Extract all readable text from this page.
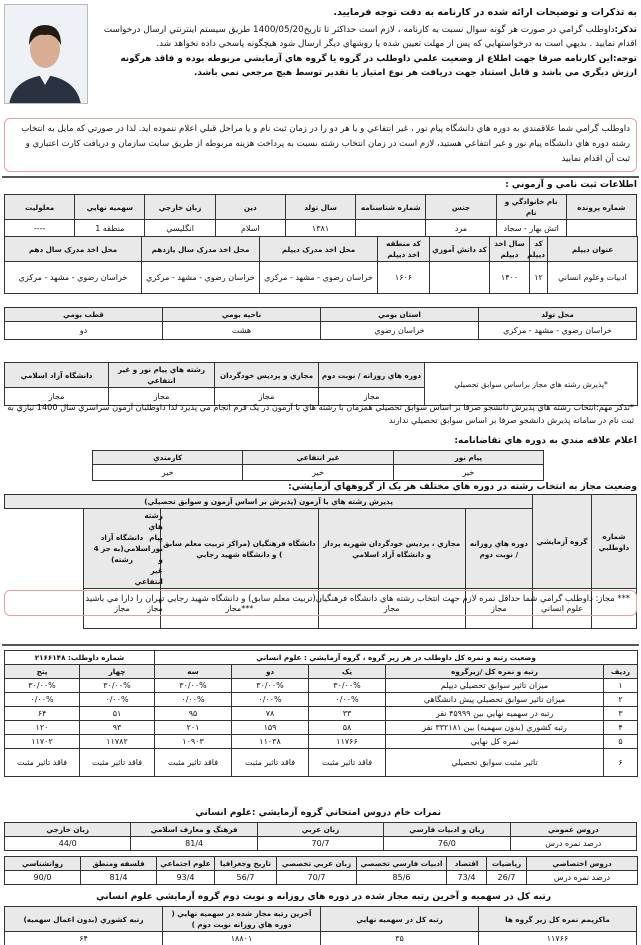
به تذکرات و توضيحات ارائه شده در کارنامه به دقت توجه فرماييد.
تذکر:داوطلب گرامي در صورت هر گونه سوال نسبت به کارنامه ، لازم است حداکثر تا تاريخ1400/05/20 طريق سيستم اينترنتي ارسال درخواست اقدام نماييد . بديهي است به درخواستهايي که پس از مهلت تعيين شده يا روشهاي ديگر ارسال شود هيچگونه پاسخي داده نخواهد شد.
توجه:اين کارنامه صرفا جهت اطلاع از وضعيت علمي داوطلب در گروه يا گروه هاي آزمايشي مربوطه بوده و فاقد هرگونه ارزش ديگري مي باشد و قابل استناد جهت دريافت هر نوع امتياز يا تقدير توسط هيچ مرجعي نمي باشد.
داوطلب گرامي شما علاقمندي به دوره هاي دانشگاه پيام نور ، غير انتفاعي و يا هر دو را در زمان ثبت نام و يا مراحل قبلي اعلام ننموده ايد. لذا در صورتي که مايل به انتخاب رشته دوره هاي دانشگاه پيام نور و غير انتفاعي هستيد، لازم است در زمان انتخاب رشته نسبت به پرداخت هزينه مربوطه از طريق سايت سازمان و دريافت کارت اعتباري و ثبت آن اقدام نماييد
اطلاعات ثبت نامي و آزموني :
شماره پرونده	نام خانوادگي و نام	جنس	شماره شناسنامه	سال تولد	دين	زبان خارجي	سهميه نهايي	معلوليت
	اتش بهار - سجاد	مرد		۱۳۸۱	اسلام	انگليسي	منطقه 1	----
عنوان ديپلم	کد ديپلم	سال اخذ ديپلم	کد دانش آموزي	کد منطقه اخذ ديپلم	محل اخذ مدرک ديپلم	محل اخذ مدرک سال يازدهم	محل اخذ مدرک سال دهم
ادبيات وعلوم انساني	۱۲	۱۴۰۰		۱۶۰۶	خراسان رضوي - مشهد - مرکزي	خراسان رضوي - مشهد - مرکزي	خراسان رضوي - مشهد - مرکزي
محل تولد	استان بومي	ناحيه بومي	قطب بومي
خراسان رضوي - مشهد - مرکزي	خراسان رضوي	هشت	دو
*پذيرش رشته هاي مجاز براساس سوابق تحصيلي	دوره هاي روزانه / نوبت دوم	مجازي و پرديس خودگردان	رشته هاي پيام نور و غير انتفاعي	دانشگاه آزاد اسلامي
	مجاز	مجاز	مجاز	مجاز
*تذکر مهم:انتخاب رشته هاي پذيرش دانشجو صرفا بر اساس سوابق تحصيلي همزمان با رشته هاي با آزمون در يک فرم انجام مي پذيرد لذا داوطلبان آزمون سراسري سال 1400 نيازي به ثبت نام در سامانه پذيرش دانشجو صرفا بر اساس سوابق تحصيلي ندارند
اعلام علاقه مندي به دوره هاي تقاضانامه:
پيام نور	غير انتفاعي	کارمندي
خير	خير	خير
وضعيت مجاز به انتخاب رشته در دوره هاي مختلف هر يک از گروههاي آزمايشي:
شماره داوطلبي	گروه آزمايشي	پذيرش رشته هاي با آزمون (پذيرش بر اساس آزمون و سوابق تحصيلي)			
		دوره هاي روزانه / نوبت دوم	مجازي ، پرديس خودگردان شهريه پرداز و دانشگاه آزاد اسلامي	دانشگاه فرهنگيان (مراکز تربيت معلم سابق ) و دانشگاه شهيد رجايي		دانشگاه آزاد اسلامي(به جز 4 رشته)
	علوم انساني	مجاز	مجاز	***مجاز	مجاز	مجاز
*** مجاز: داوطلب گرامي شما حداقل نمره لازم جهت انتخاب رشته هاي دانشگاه فرهنگيان(تربيت معلم سابق) و دانشگاه شهيد رجايي تهران را دارا مي باشيد
وضعيت رتبه و نمره کل داوطلب در هر زير گروه ، گروه آزمايشي : علوم انساني					شماره داوطلب: ۲۱۶۶۱۴۸	
رديف	رتبه و نمره کل /زيرگروه	يک	دو	سه	چهار	پنج
۱	ميزان تاثير سوابق تحصيلي ديپلم	۳۰/۰۰%	۳۰/۰۰%	۳۰/۰۰%	۳۰/۰۰%	۳۰/۰۰%
۲	ميزان تاثير سوابق تحصيلي پيش دانشگاهي	۰/۰۰%	۰/۰۰%	۰/۰۰%	۰/۰۰%	۰/۰۰%
۳	رتبه در سهميه نهايي بين ۴۵۹۹۹ نفر	۳۳	۷۸	۹۵	۵۱	۶۴
۴	رتبه کشوري (بدون سهميه) بين ۳۳۲۱۸۱ نفر	۵۸	۱۵۹	۲۰۱	۹۳	۱۲۰
۵	نمره کل نهايي	۱۱۷۶۶	۱۱۰۳۸	۱۰۹۰۳	۱۱۷۸۲	۱۱۷۰۲
۶	تاثير مثبت سوابق تحصيلي	فاقد تاثير مثبت	فاقد تاثير مثبت	فاقد تاثير مثبت	فاقد تاثير مثبت	فاقد تاثير مثبت
نمرات خام دروس امتحاني گروه آزمايشي :علوم انساني
دروس عمومي	زبان و ادبيات فارسي	زبان عربي	فرهنگ و معارف اسلامي	زبان خارجي
درصد نمره درس	76/0	70/7	81/4	44/0
دروس اختصاصي	رياضيات	اقتصاد	ادبيات فارسي تخصصي	زبان عربي تخصصي	تاريخ وجغرافيا	علوم اجتماعي	فلسفه ومنطق	روانشناسي
درصد نمره درس	26/7	73/4	85/6	70/7	56/7	93/4	81/4	90/0
رتبه کل در سهميه و آخرين رتبه مجاز شده در دوره هاي روزانه و نوبت دوم گروه آزمايشي علوم انساني
ماکزيمم نمره کل زير گروه ها	رتبه کل در سهميه نهايي	آخرين رتبه مجاز شده در سهميه نهايي ( دوره هاي روزانه نوبت دوم )	رتبه کشوري (بدون اعمال سهميه)
۱۱۷۶۶	۳۵	۱۸۸۰۱	۶۴
